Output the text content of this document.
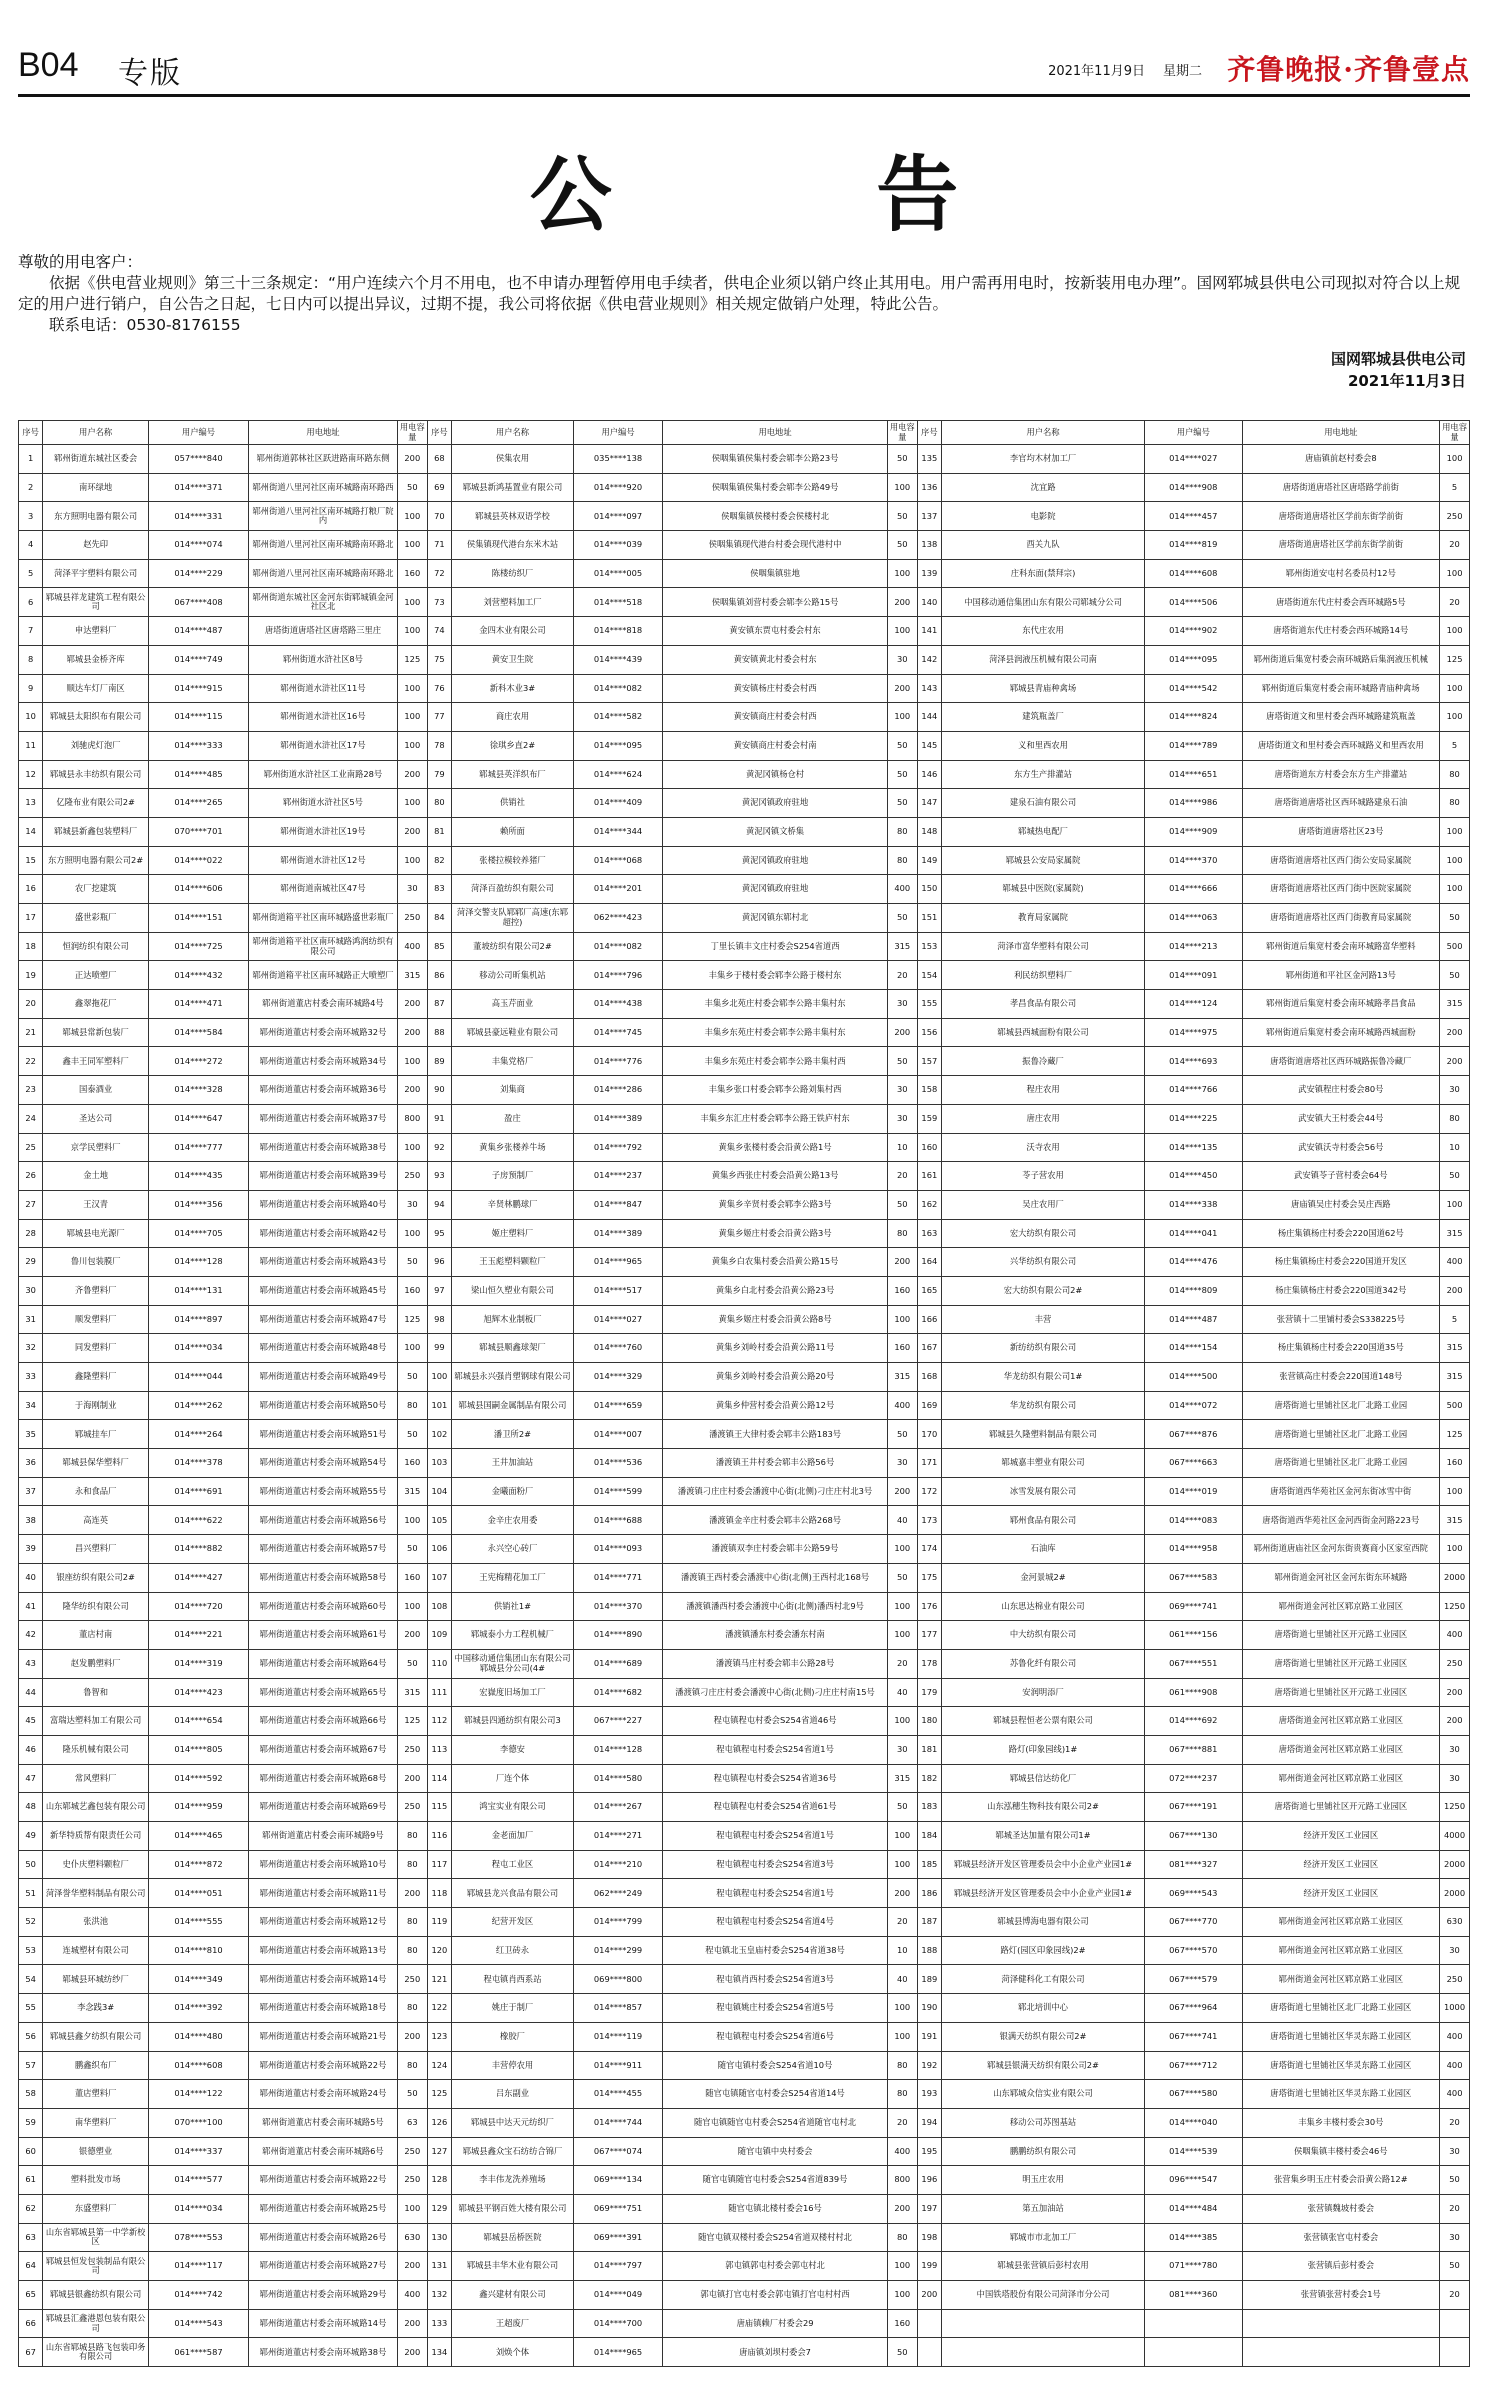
B04 专版	2021年11月9日 星期二 齐鲁晚报·齐鲁壹点
公 告

尊敬的用电客户：

依据《供电营业规则》第三十三条规定：“用户连续六个月不用电，也不申请办理暂停用电手续者，供电企业须以销户终止其用电。用户需再用电时，按新装用电办理”。国网郓城县供电公司现拟对符合以上规定的用户进行销户，自公告之日起，七日内可以提出异议，过期不提，我公司将依据《供电营业规则》相关规定做销户处理，特此公告。

联系电话：0530-8176155

国网郓城县供电公司
2021年11月3日
序号	用户名称	用户编号	用电地址	用电容量	序号	用户名称	用户编号	用电地址	用电容量	序号	用户名称	用户编号	用电地址	用电容量
1	郓州街道东城社区委会	057****840	郓州街道郭林社区跃进路南环路东侧	200	68	侯集农用	035****138	侯咽集镇侯集村委会郓李公路23号	50	135	李官均木材加工厂	014****027	唐庙镇前赵村委会8	100
2	南环绿地	014****371	郓州街道八里河社区南环城路南环路西	50	69	郓城县新鸿基置业有限公司	014****920	侯咽集镇侯集村委会郓李公路49号	100	136	沈宜路	014****908	唐塔街道唐塔社区唐塔路学前街	5
3	东方照明电器有限公司	014****331	郓州街道八里河社区南环城路打粮厂院内	100	70	郓城县英林双语学校	014****097	侯咽集镇侯楼村委会侯楼村北	50	137	电影院	014****457	唐塔街道唐塔社区学前东街学前街	250
4	赵先印	014****074	郓州街道八里河社区南环城路南环路北	100	71	侯集镇现代港台东米木站	014****039	侯咽集镇现代港台村委会现代港村中	50	138	酉关九队	014****819	唐塔街道唐塔社区学前东街学前街	20
5	菏泽平宇塑料有限公司	014****229	郓州街道八里河社区南环城路南环路北	160	72	陈楼纺织厂	014****005	侯咽集镇驻地	100	139	庄科东面(禁拜宗)	014****608	郓州街道安屯村名委员村12号	100
6	郓城县祥龙建筑工程有限公司	067****408	郓州街道东城社区金河东街郓城镇金河社区北	100	73	刘营塑料加工厂	014****518	侯咽集镇刘营村委会郓李公路15号	200	140	中国移动通信集团山东有限公司郓城分公司	014****506	唐塔街道东代庄村委会西环城路5号	20
7	申达塑料厂	014****487	唐塔街道唐塔社区唐塔路三里庄	100	74	金四木业有限公司	014****818	黄安镇东贾屯村委会村东	100	141	东代庄农用	014****902	唐塔街道东代庄村委会西环城路14号	100
8	郓城县金桥齐库	014****749	郓州街道水浒社区8号	125	75	黄安卫生院	014****439	黄安镇黄北村委会村东	30	142	菏泽县润液压机械有限公司南	014****095	郓州街道后集宽村委会南环城路后集润液压机械	125
9	顺达车灯厂南区	014****915	郓州街道水浒社区11号	100	76	新科木业3#	014****082	黄安镇杨庄村委会村西	200	143	郓城县青庙种禽场	014****542	郓州街道后集宽村委会南环城路青庙种禽场	100
10	郓城县太阳织布有限公司	014****115	郓州街道水浒社区16号	100	77	商庄农用	014****582	黄安镇商庄村委会村西	100	144	建筑瓶盖厂	014****824	唐塔街道文和里村委会西环城路建筑瓶盖	100
11	刘驰虎灯泡厂	014****333	郓州街道水浒社区17号	100	78	徐琪乡直2#	014****095	黄安镇商庄村委会村南	50	145	义和里西农用	014****789	唐塔街道文和里村委会西环城路义和里西农用	5
12	郓城县永丰纺织有限公司	014****485	郓州街道水浒社区工业南路28号	200	79	郓城县英洋织布厂	014****624	黄泥冈镇杨仓村	50	146	东方生产排灌站	014****651	唐塔街道东方村委会东方生产排灌站	80
13	亿隆布业有限公司2#	014****265	郓州街道水浒社区5号	100	80	供销社	014****409	黄泥冈镇政府驻地	50	147	建泉石油有限公司	014****986	唐塔街道唐塔社区西环城路建泉石油	80
14	郓城县新鑫包装塑料厂	070****701	郓州街道水浒社区19号	200	81	赖所面	014****344	黄泥冈镇文桥集	80	148	郓城热电配厂	014****909	唐塔街道唐塔社区23号	100
15	东方照明电器有限公司2#	014****022	郓州街道水浒社区12号	100	82	张楼拉模较养猪厂	014****068	黄泥冈镇政府驻地	80	149	郓城县公安局家属院	014****370	唐塔街道唐塔社区西门街公安局家属院	100
16	农厂挖建筑	014****606	郓州街道南城社区47号	30	83	菏泽百盈纺织有限公司	014****201	黄泥冈镇政府驻地	400	150	郓城县中医院(家属院)	014****666	唐塔街道唐塔社区西门街中医院家属院	100
17	盛世彩瓶厂	014****151	郓州街道箱平社区南环城路盛世彩瓶厂	250	84	菏泽交警支队郓郓厂高速(东郓超控)	062****423	黄泥冈镇东郓村北	50	151	教育局家属院	014****063	唐塔街道唐塔社区西门街教育局家属院	50
18	恒润纺织有限公司	014****725	郓州街道箱平社区南环城路鸿润纺织有限公司	400	85	董坡纺织有限公司2#	014****082	丁里长镇丰文庄村委会S254省道西	315	153	菏泽市富华塑料有限公司	014****213	郓州街道后集宽村委会南环城路富华塑料	500
19	正达喷塑厂	014****432	郓州街道箱平社区南环城路正大喷塑厂	315	86	移动公司昕集机站	014****796	丰集乡于楼村委会郓李公路于楼村东	20	154	利民纺织塑料厂	014****091	郓州街道和平社区金河路13号	50
20	鑫翠拖花厂	014****471	郓州街道董店村委会南环城路4号	200	87	高玉芹面业	014****438	丰集乡北苑庄村委会郓李公路丰集村东	30	155	孝昌食品有限公司	014****124	郓州街道后集宽村委会南环城路孝昌食品	315
21	郓城县常新包装厂	014****584	郓州街道董店村委会南环城路32号	200	88	郓城县豪远鞋业有限公司	014****745	丰集乡东苑庄村委会郓李公路丰集村东	200	156	郓城县西城面粉有限公司	014****975	郓州街道后集宽村委会南环城路西城面粉	200
22	鑫丰王同军塑料厂	014****272	郓州街道董店村委会南环城路34号	100	89	丰集党格厂	014****776	丰集乡东苑庄村委会郓李公路丰集村西	50	157	振鲁冷藏厂	014****693	唐塔街道唐塔社区西环城路振鲁冷藏厂	200
23	国泰酒业	014****328	郓州街道董店村委会南环城路36号	200	90	刘集商	014****286	丰集乡张口村委会郓李公路刘集村西	30	158	程庄农用	014****766	武安镇程庄村委会80号	30
24	圣达公司	014****647	郓州街道董店村委会南环城路37号	800	91	盈庄	014****389	丰集乡东汇庄村委会郓李公路王铁庐村东	30	159	唐庄农用	014****225	武安镇大王村委会44号	80
25	京学民塑料厂	014****777	郓州街道董店村委会南环城路38号	100	92	黄集乡张楼养牛场	014****792	黄集乡张楼村委会沿黄公路1号	10	160	沃寺农用	014****135	武安镇沃寺村委会56号	10
26	金土地	014****435	郓州街道董店村委会南环城路39号	250	93	子房预制厂	014****237	黄集乡西张庄村委会沿黄公路13号	20	161	苓子营农用	014****450	武安镇苓子营村委会64号	50
27	王汉青	014****356	郓州街道董店村委会南环城路40号	30	94	辛贤林鹏球厂	014****847	黄集乡辛贤村委会郓李公路3号	50	162	吴庄农用厂	014****338	唐庙镇吴庄村委会吴庄西路	100
28	郓城县电光源厂	014****705	郓州街道董店村委会南环城路42号	100	95	姬庄塑料厂	014****389	黄集乡姬庄村委会沿黄公路3号	80	163	宏大纺织有限公司	014****041	杨庄集镇杨庄村委会220国道62号	315
29	鲁川包装膜厂	014****128	郓州街道董店村委会南环城路43号	50	96	王玉彪塑料颗粒厂	014****965	黄集乡白农集村委会沿黄公路15号	200	164	兴华纺织有限公司	014****476	杨庄集镇杨庄村委会220国道开发区	400
30	齐鲁塑料厂	014****131	郓州街道董店村委会南环城路45号	160	97	梁山恒久塑业有限公司	014****517	黄集乡白北村委会沿黄公路23号	160	165	宏大纺织有限公司2#	014****809	杨庄集镇杨庄村委会220国道342号	200
31	顺发塑料厂	014****897	郓州街道董店村委会南环城路47号	125	98	旭辉木业制板厂	014****027	黄集乡姬庄村委会沿黄公路8号	100	166	丰营	014****487	张营镇十二里铺村委会S338225号	5
32	同发塑料厂	014****034	郓州街道董店村委会南环城路48号	100	99	郓城县顺鑫球架厂	014****760	黄集乡刘岭村委会沿黄公路11号	160	167	新纺纺织有限公司	014****154	杨庄集镇杨庄村委会220国道35号	315
33	鑫隆塑料厂	014****044	郓州街道董店村委会南环城路49号	50	100	郓城县永兴强肖塑钢球有限公司	014****329	黄集乡刘岭村委会沿黄公路20号	315	168	华龙纺织有限公司1#	014****500	张营镇高庄村委会220国道148号	315
34	于海刚制业	014****262	郓州街道董店村委会南环城路50号	80	101	郓城县国嗣金属制品有限公司	014****659	黄集乡仲营村委会沿黄公路12号	400	169	华龙纺织有限公司	014****072	唐塔街道七里铺社区北厂北路工业园	500
35	郓城挂车厂	014****264	郓州街道董店村委会南环城路51号	50	102	潘卫所2#	014****007	潘渡镇王大律村委会郓丰公路183号	50	170	郓城县久隆塑料制品有限公司	067****876	唐塔街道七里铺社区北厂北路工业园	125
36	郓城县保华塑料厂	014****378	郓州街道董店村委会南环城路54号	160	103	王井加油站	014****536	潘渡镇王井村委会郓丰公路56号	30	171	郓城嘉丰塑业有限公司	067****663	唐塔街道七里铺社区北厂北路工业园	160
37	永和食品厂	014****691	郓州街道董店村委会南环城路55号	315	104	金曦面粉厂	014****599	潘渡镇刁庄庄村委会潘渡中心街(北侧)刁庄庄村北3号	200	172	冰雪发展有限公司	014****019	唐塔街道西华苑社区金河东街冰雪中街	100
38	高连英	014****622	郓州街道董店村委会南环城路56号	100	105	金辛庄农用委	014****688	潘渡镇金辛庄村委会郓丰公路268号	40	173	郓州食品有限公司	014****083	唐塔街道西华苑社区金河西街金河路223号	315
39	昌兴塑料厂	014****882	郓州街道董店村委会南环城路57号	50	106	永兴空心砖厂	014****093	潘渡镇双李庄村委会郓丰公路59号	100	174	石油库	014****958	郓州街道唐庙社区金河东街贵赛商小区家室西院	100
40	银座纺织有限公司2#	014****427	郓州街道董店村委会南环城路58号	160	107	王宪梅精花加工厂	014****771	潘渡镇王西村委会潘渡中心街(北侧)王西村北168号	50	175	金河景城2#	067****583	郓州街道金河社区金河东街东环城路	2000
41	隆华纺织有限公司	014****720	郓州街道董店村委会南环城路60号	100	108	供销社1#	014****370	潘渡镇潘西村委会潘渡中心街(北侧)潘西村北9号	100	176	山东思达棉业有限公司	069****741	郓州街道金河社区郓京路工业园区	1250
42	董店村南	014****221	郓州街道董店村委会南环城路61号	200	109	郓城泰小力工程机械厂	014****890	潘渡镇潘东村委会潘东村南	100	177	中大纺织有限公司	061****156	唐塔街道七里铺社区开元路工业园区	400
43	赵发鹏塑料厂	014****319	郓州街道董店村委会南环城路64号	50	110	中国移动通信集团山东有限公司郓城县分公司(4#	014****689	潘渡镇马庄村委会郓丰公路28号	20	178	苏鲁化纤有限公司	067****551	唐塔街道七里铺社区开元路工业园区	250
44	鲁智和	014****423	郓州街道董店村委会南环城路65号	315	111	宏嶽度旧场加工厂	014****682	潘渡镇刁庄庄村委会潘渡中心街(北侧)刁庄庄村南15号	40	179	安润明添厂	061****908	唐塔街道七里铺社区开元路工业园区	200
45	富瑞达塑料加工有限公司	014****654	郓州街道董店村委会南环城路66号	125	112	郓城县四通纺织有限公司3	067****227	程屯镇程屯村委会S254省道46号	100	180	郓城县程恒老公票有限公司	014****692	唐塔街道金河社区郓京路工业园区	200
46	隆乐机械有限公司	014****805	郓州街道董店村委会南环城路67号	250	113	李德安	014****128	程屯镇程屯村委会S254省道1号	30	181	路灯(印象园线)1#	067****881	唐塔街道金河社区郓京路工业园区	30
47	常风塑料厂	014****592	郓州街道董店村委会南环城路68号	200	114	厂连个体	014****580	程屯镇程屯村委会S254省道36号	315	182	郓城县信达纺化厂	072****237	郓州街道金河社区郓京路工业园区	30
48	山东郓城艺鑫包装有限公司	014****959	郓州街道董店村委会南环城路69号	250	115	鸿宝实业有限公司	014****267	程屯镇程屯村委会S254省道61号	50	183	山东泓穗生物科技有限公司2#	067****191	唐塔街道七里铺社区开元路工业园区	1250
49	新华特质帮有限责任公司	014****465	郓州街道董店村委会南环城路9号	80	116	金老面加厂	014****271	程屯镇程屯村委会S254省道1号	100	184	郓城圣达加量有限公司1#	067****130	经济开发区工业园区	4000
50	史仆庆塑料颗粒厂	014****872	郓州街道董店村委会南环城路10号	80	117	程屯工业区	014****210	程屯镇程屯村委会S254省道3号	100	185	郓城县经济开发区管理委员会中小企业产业园1#	081****327	经济开发区工业园区	2000
51	菏泽誉华塑料制品有限公司	014****051	郓州街道董店村委会南环城路11号	200	118	郓城县龙兴食品有限公司	062****249	程屯镇程屯村委会S254省道1号	200	186	郓城县经济开发区管理委员会中小企业产业园1#	069****543	经济开发区工业园区	2000
52	张洪池	014****555	郓州街道董店村委会南环城路12号	80	119	纪营开发区	014****799	程屯镇程屯村委会S254省道4号	20	187	郓城县博海电器有限公司	067****770	郓州街道金河社区郓京路工业园区	630
53	连城塑材有限公司	014****810	郓州街道董店村委会南环城路13号	80	120	红卫砖永	014****299	程屯镇北玉皇庙村委会S254省道38号	10	188	路灯(园区印象园线)2#	067****570	郓州街道金河社区郓京路工业园区	30
54	郓城县环城纺纱厂	014****349	郓州街道董店村委会南环城路14号	250	121	程屯镇肖西系站	069****800	程屯镇肖西村委会S254省道3号	40	189	菏泽健科化工有限公司	067****579	郓州街道金河社区郓京路工业园区	250
55	李念践3#	014****392	郓州街道董店村委会南环城路18号	80	122	姚庄于制厂	014****857	程屯镇姚庄村委会S254省道5号	100	190	郓北培训中心	067****964	唐塔街道七里铺社区北厂北路工业园区	1000
56	郓城县鑫夕纺织有限公司	014****480	郓州街道董店村委会南环城路21号	200	123	橡胶厂	014****119	程屯镇程屯村委会S254省道6号	100	191	银满天纺织有限公司2#	067****741	唐塔街道七里铺社区华灵东路工业园区	400
57	鹏鑫织布厂	014****608	郓州街道董店村委会南环城路22号	80	124	丰营停农用	014****911	随官屯镇村委会S254省道10号	80	192	郓城县银满天纺织有限公司2#	067****712	唐塔街道七里铺社区华灵东路工业园区	400
58	董店塑料厂	014****122	郓州街道董店村委会南环城路24号	50	125	吕东副业	014****455	随官屯镇随官屯村委会S254省道14号	80	193	山东郓城众信实业有限公司	067****580	唐塔街道七里铺社区华灵东路工业园区	400
59	南华塑料厂	070****100	郓州街道董店村委会南环城路5号	63	126	郓城县中达天元纺织厂	014****744	随官屯镇随官屯村委会S254省道随官屯村北	20	194	移动公司苏图基站	014****040	丰集乡丰楼村委会30号	20
60	银德塑业	014****337	郓州街道董店村委会南环城路6号	250	127	郓城县鑫众宝石纺纺合锦厂	067****074	随官屯镇中央村委会	400	195	鹏鹏纺织有限公司	014****539	侯咽集镇丰楼村委会46号	30
61	塑料批发市场	014****577	郓州街道董店村委会南环城路22号	250	128	李丰伟龙洗养殖场	069****134	随官屯镇随官屯村委会S254省道839号	800	196	明玉庄农用	096****547	张营集乡明玉庄村委会沿黄公路12#	50
62	东盛塑料厂	014****034	郓州街道董店村委会南环城路25号	100	129	郓城县平钢百姓大楼有限公司	069****751	随官屯镇北楼村委会16号	200	197	第五加油站	014****484	张营镇魏坡村委会	20
63	山东省郓城县第一中学新校区	078****553	郓州街道董店村委会南环城路26号	630	130	郓城县岳桥医院	069****391	随官屯镇双楼村委会S254省道双楼村村北	80	198	郓城市市北加工厂	014****385	张营镇张官屯村委会	30
64	郓城县恒发包装制品有限公司	014****117	郓州街道董店村委会南环城路27号	200	131	郓城县丰华木业有限公司	014****797	郭屯镇郭屯村委会郭屯村北	100	199	郓城县张营镇后彭村农用	071****780	张营镇后彭村委会	50
65	郓城县银鑫纺织有限公司	014****742	郓州街道董店村委会南环城路29号	400	132	鑫兴建材有限公司	014****049	郭屯镇打官屯村委会郭屯镇打官屯村村西	100	200	中国铁塔股份有限公司菏泽市分公司	081****360	张营镇张营村委会1号	20
66	郓城县汇鑫港恩包装有限公司	014****543	郓州街道董店村委会南环城路14号	200	133	王超废厂	014****700	唐庙镇赖厂村委会29	160					
67	山东省郓城县路飞包装印务有限公司	061****587	郓州街道董店村委会南环城路38号	200	134	刘焕个体	014****965	唐庙镇刘坝村委会7	50					
